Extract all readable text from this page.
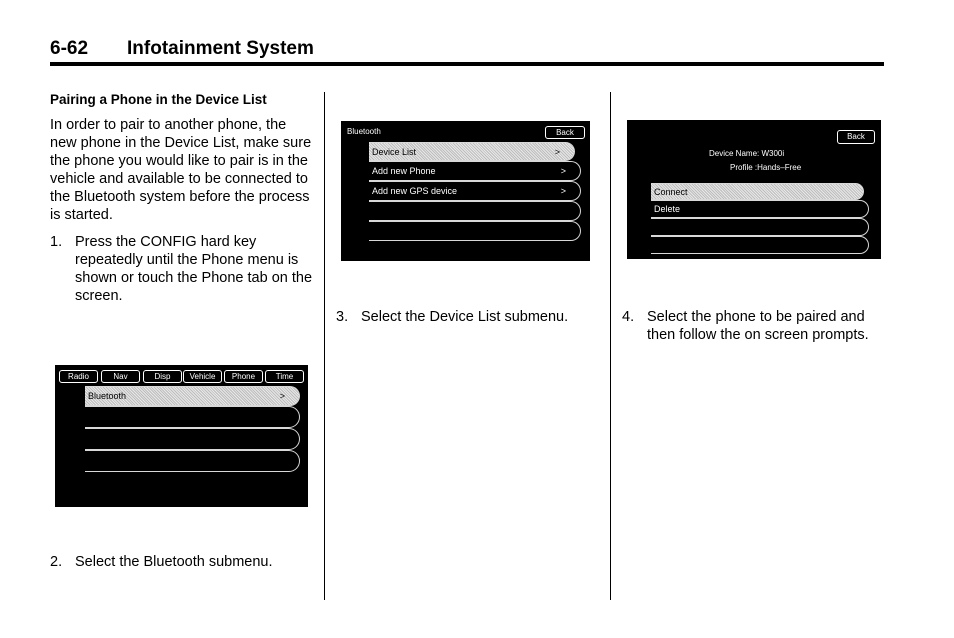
6-62 Infotainment System
Pairing a Phone in the Device List

In order to pair to another phone, the new phone in the Device List, make sure the phone you would like to pair is in the vehicle and available to be connected to the Bluetooth system before the process is started.

1. Press the CONFIG hard key repeatedly until the Phone menu is shown or touch the Phone tab on the screen.
Radio	Nav	Disp	Vehicle	Phone	Time
Bluetooth	>
2. Select the Bluetooth submenu.
Bluetooth	Back
Device List	>
Add new Phone	>
Add new GPS device	>
3. Select the Device List submenu.
Back
Device Name: W300i
Profile :Hands–Free
Connect
Delete
4. Select the phone to be paired and then follow the on screen prompts.
